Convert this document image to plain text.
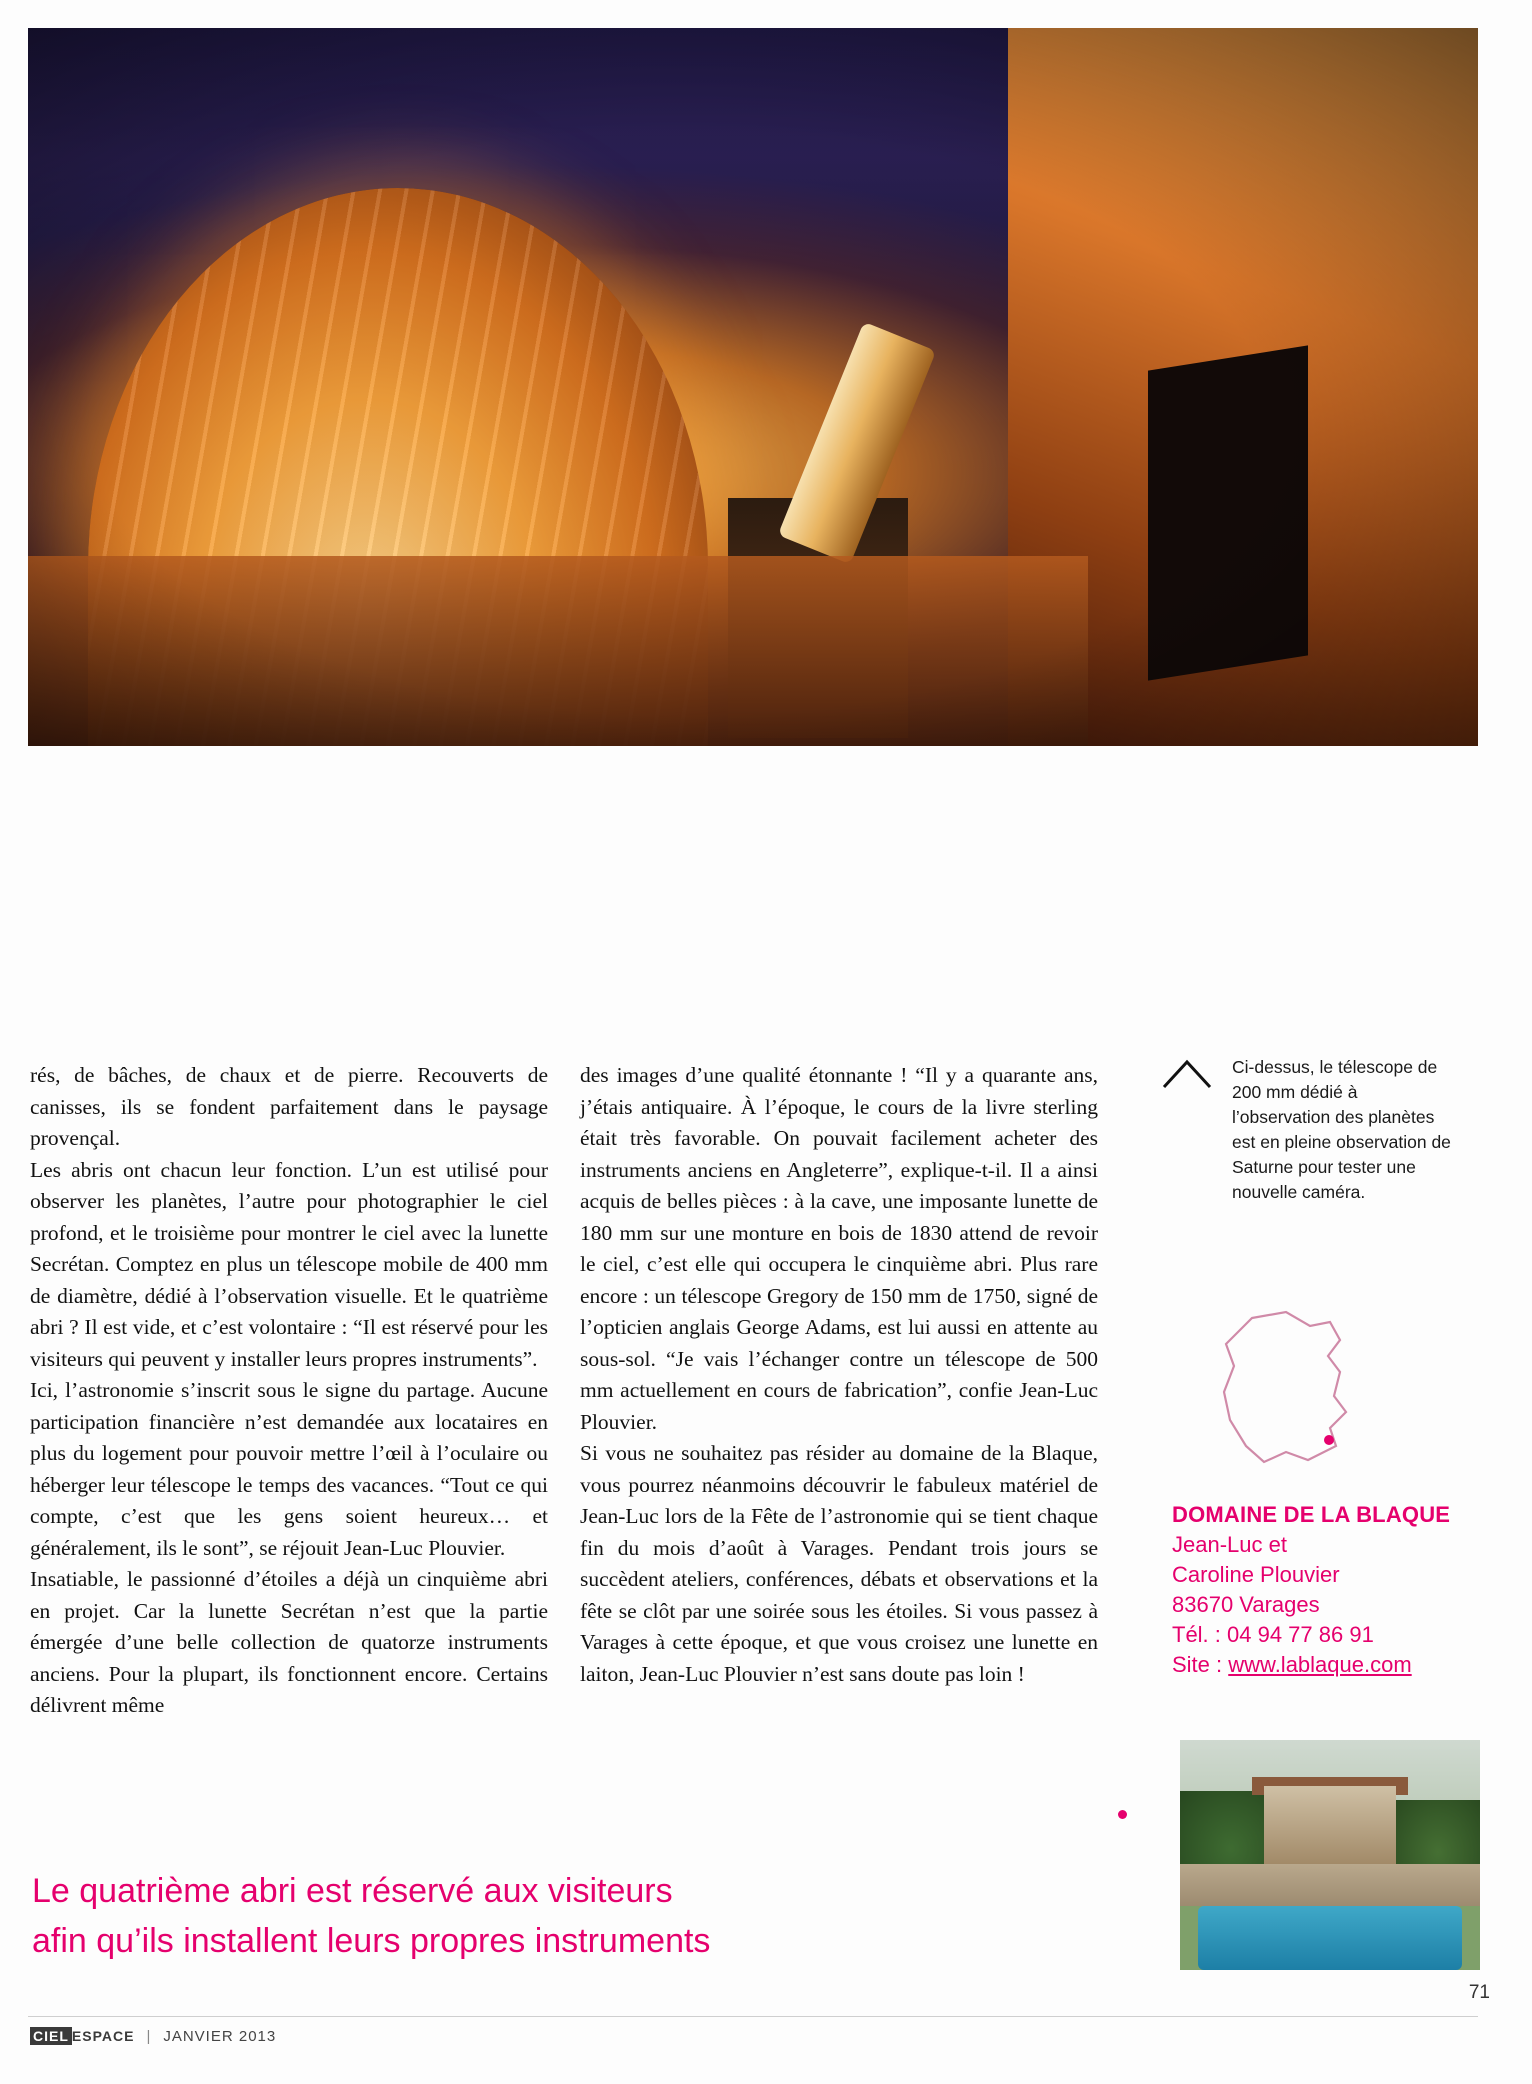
rés, de bâches, de chaux et de pierre. Recouverts de canisses, ils se fondent parfaitement dans le paysage provençal.

Les abris ont chacun leur fonction. L’un est utilisé pour observer les planètes, l’autre pour photographier le ciel profond, et le troisième pour montrer le ciel avec la lunette Secrétan. Comptez en plus un télescope mobile de 400 mm de diamètre, dédié à l’observation visuelle. Et le quatrième abri ? Il est vide, et c’est volontaire : “Il est réservé pour les visiteurs qui peuvent y installer leurs propres instruments”.

Ici, l’astronomie s’inscrit sous le signe du partage. Aucune participation financière n’est demandée aux locataires en plus du logement pour pouvoir mettre l’œil à l’oculaire ou héberger leur télescope le temps des vacances. “Tout ce qui compte, c’est que les gens soient heureux… et généralement, ils le sont”, se réjouit Jean-Luc Plouvier.

Insatiable, le passionné d’étoiles a déjà un cinquième abri en projet. Car la lunette Secrétan n’est que la partie émergée d’une belle collection de quatorze instruments anciens. Pour la plupart, ils fonctionnent encore. Certains délivrent même

des images d’une qualité étonnante ! “Il y a quarante ans, j’étais antiquaire. À l’époque, le cours de la livre sterling était très favorable. On pouvait facilement acheter des instruments anciens en Angleterre”, explique-t-il. Il a ainsi acquis de belles pièces : à la cave, une imposante lunette de 180 mm sur une monture en bois de 1830 attend de revoir le ciel, c’est elle qui occupera le cinquième abri. Plus rare encore : un télescope Gregory de 150 mm de 1750, signé de l’opticien anglais George Adams, est lui aussi en attente au sous-sol. “Je vais l’échanger contre un télescope de 500 mm actuellement en cours de fabrication”, confie Jean-Luc Plouvier.

Si vous ne souhaitez pas résider au domaine de la Blaque, vous pourrez néanmoins découvrir le fabuleux matériel de Jean-Luc lors de la Fête de l’astronomie qui se tient chaque fin du mois d’août à Varages. Pendant trois jours se succèdent ateliers, conférences, débats et observations et la fête se clôt par une soirée sous les étoiles. Si vous passez à Varages à cette époque, et que vous croisez une lunette en laiton, Jean-Luc Plouvier n’est sans doute pas loin !

Ci-dessus, le télescope de 200 mm dédié à l’observation des planètes est en pleine observation de Saturne pour tester une nouvelle caméra.
DOMAINE DE LA BLAQUE
Jean-Luc et
Caroline Plouvier
83670 Varages
Tél. : 04 94 77 86 91
Site : www.lablaque.com
Le quatrième abri est réservé aux visiteurs
afin qu’ils installent leurs propres instruments
CIEL ESPACE | JANVIER 2013
71
